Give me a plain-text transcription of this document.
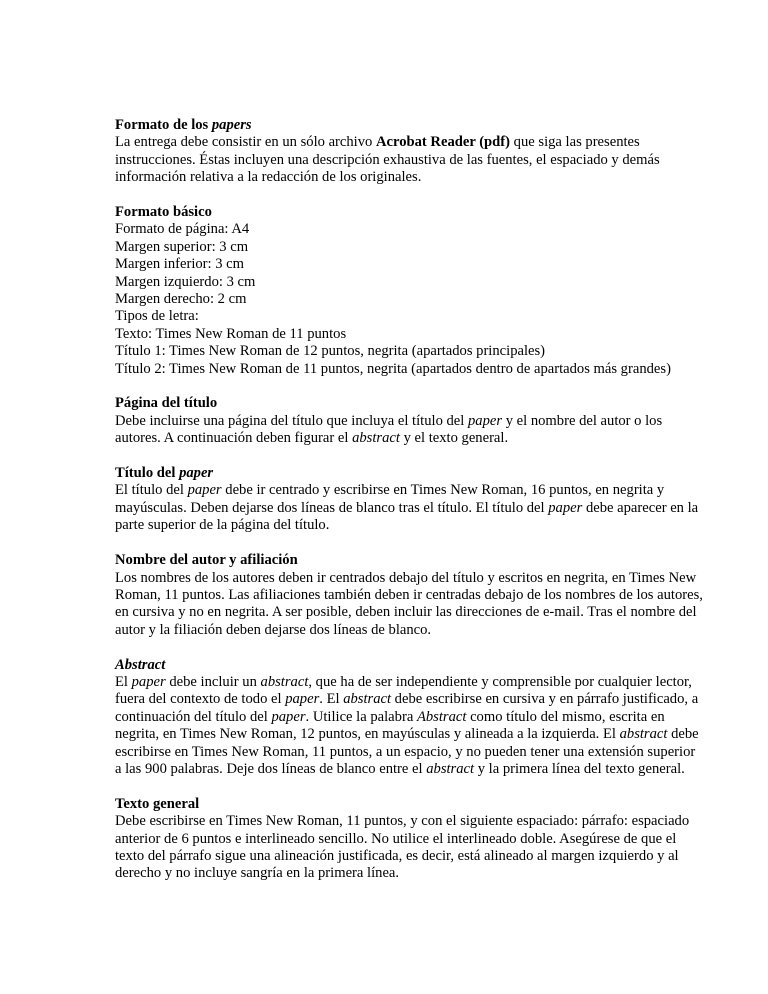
Formato de los papers
La entrega debe consistir en un sólo archivo Acrobat Reader (pdf) que siga las presentes instrucciones. Éstas incluyen una descripción exhaustiva de las fuentes, el espaciado y demás información relativa a la redacción de los originales.
Formato básico
Formato de página: A4
Margen superior: 3 cm
Margen inferior: 3 cm
Margen izquierdo: 3 cm
Margen derecho: 2 cm
Tipos de letra:
Texto: Times New Roman de 11 puntos
Título 1: Times New Roman de 12 puntos, negrita (apartados principales)
Título 2: Times New Roman de 11 puntos, negrita (apartados dentro de apartados más grandes)
Página del título
Debe incluirse una página del título que incluya el título del paper y el nombre del autor o los autores. A continuación deben figurar el abstract y el texto general.
Título del paper
El título del paper debe ir centrado y escribirse en Times New Roman, 16 puntos, en negrita y mayúsculas. Deben dejarse dos líneas de blanco tras el título. El título del paper debe aparecer en la parte superior de la página del título.
Nombre del autor y afiliación
Los nombres de los autores deben ir centrados debajo del título y escritos en negrita, en Times New Roman, 11 puntos. Las afiliaciones también deben ir centradas debajo de los nombres de los autores, en cursiva y no en negrita. A ser posible, deben incluir las direcciones de e-mail. Tras el nombre del autor y la filiación deben dejarse dos líneas de blanco.
Abstract
El paper debe incluir un abstract, que ha de ser independiente y comprensible por cualquier lector, fuera del contexto de todo el paper. El abstract debe escribirse en cursiva y en párrafo justificado, a continuación del título del paper. Utilice la palabra Abstract como título del mismo, escrita en negrita, en Times New Roman, 12 puntos, en mayúsculas y alineada a la izquierda. El abstract debe escribirse en Times New Roman, 11 puntos, a un espacio, y no pueden tener una extensión superior a las 900 palabras. Deje dos líneas de blanco entre el abstract y la primera línea del texto general.
Texto general
Debe escribirse en Times New Roman, 11 puntos, y con el siguiente espaciado: párrafo: espaciado anterior de 6 puntos e interlineado sencillo. No utilice el interlineado doble. Asegúrese de que el texto del párrafo sigue una alineación justificada, es decir, está alineado al margen izquierdo y al derecho y no incluye sangría en la primera línea.
